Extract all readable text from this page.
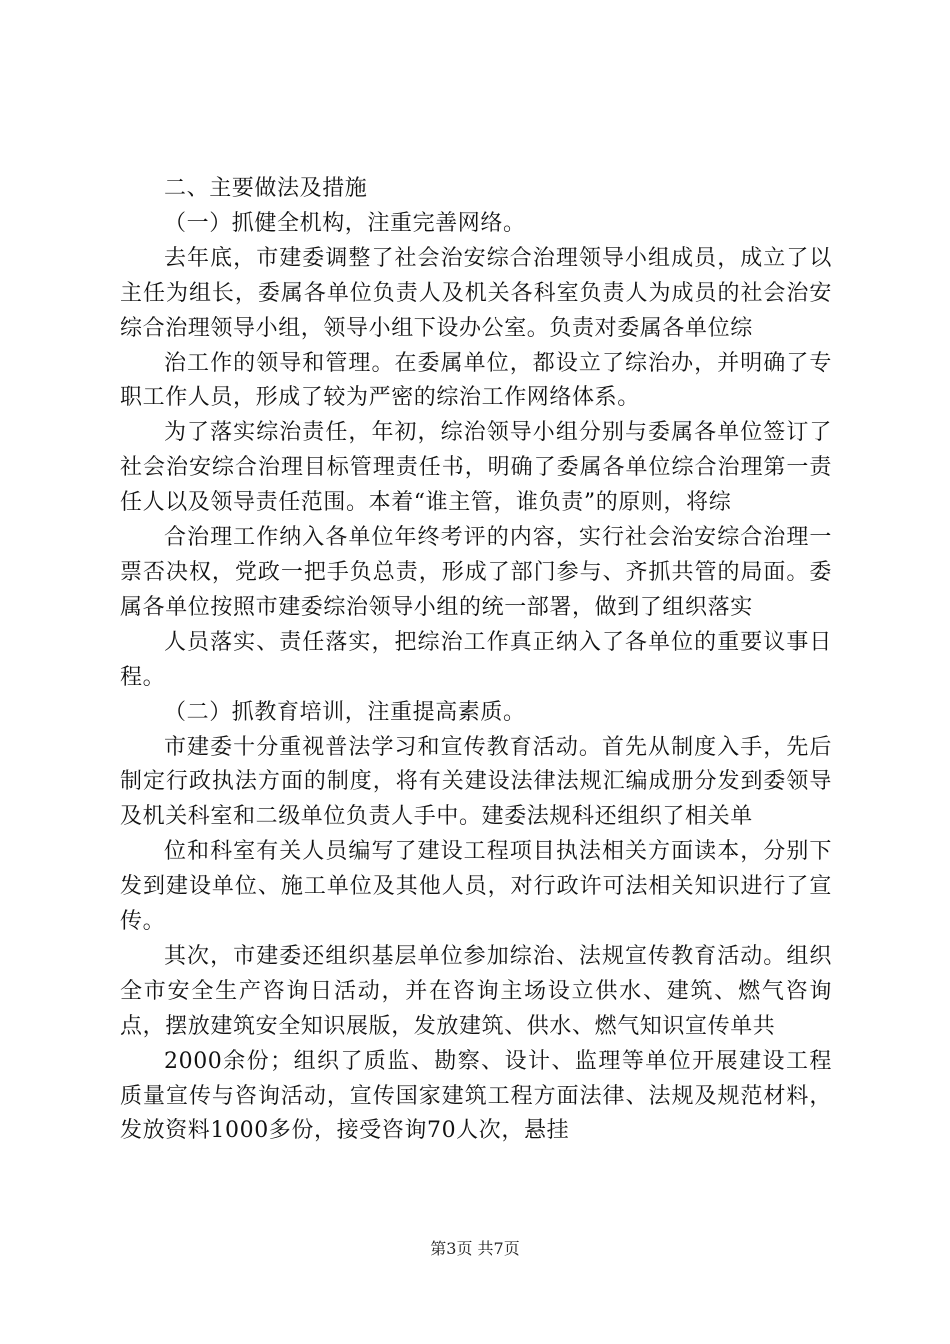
二、主要做法及措施

（一）抓健全机构，注重完善网络。

去年底，市建委调整了社会治安综合治理领导小组成员，成立了以主任为组长，委属各单位负责人及机关各科室负责人为成员的社会治安综合治理领导小组，领导小组下设办公室。负责对委属各单位综

治工作的领导和管理。在委属单位，都设立了综治办，并明确了专职工作人员，形成了较为严密的综治工作网络体系。

为了落实综治责任，年初，综治领导小组分别与委属各单位签订了社会治安综合治理目标管理责任书，明确了委属各单位综合治理第一责任人以及领导责任范围。本着“谁主管，谁负责”的原则，将综

合治理工作纳入各单位年终考评的内容，实行社会治安综合治理一票否决权，党政一把手负总责，形成了部门参与、齐抓共管的局面。委属各单位按照市建委综治领导小组的统一部署，做到了组织落实

人员落实、责任落实，把综治工作真正纳入了各单位的重要议事日程。

（二）抓教育培训，注重提高素质。

市建委十分重视普法学习和宣传教育活动。首先从制度入手，先后制定行政执法方面的制度，将有关建设法律法规汇编成册分发到委领导及机关科室和二级单位负责人手中。建委法规科还组织了相关单

位和科室有关人员编写了建设工程项目执法相关方面读本，分别下发到建设单位、施工单位及其他人员，对行政许可法相关知识进行了宣传。

其次，市建委还组织基层单位参加综治、法规宣传教育活动。组织全市安全生产咨询日活动，并在咨询主场设立供水、建筑、燃气咨询点，摆放建筑安全知识展版，发放建筑、供水、燃气知识宣传单共

2000余份；组织了质监、勘察、设计、监理等单位开展建设工程质量宣传与咨询活动，宣传国家建筑工程方面法律、法规及规范材料，发放资料1000多份，接受咨询70人次，悬挂

第3页 共7页
